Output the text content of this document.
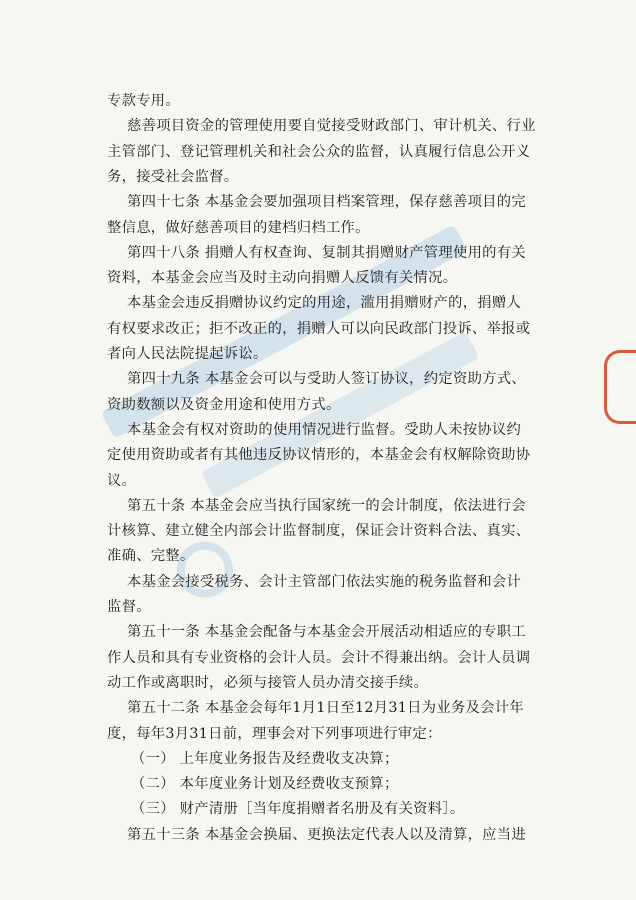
专款专用。
慈善项目资金的管理使用要自觉接受财政部门、审计机关、行业
主管部门、登记管理机关和社会公众的监督，认真履行信息公开义
务，接受社会监督。
第四十七条 本基金会要加强项目档案管理，保存慈善项目的完
整信息，做好慈善项目的建档归档工作。
第四十八条 捐赠人有权查询、复制其捐赠财产管理使用的有关
资料，本基金会应当及时主动向捐赠人反馈有关情况。
本基金会违反捐赠协议约定的用途，滥用捐赠财产的，捐赠人
有权要求改正；拒不改正的，捐赠人可以向民政部门投诉、举报或
者向人民法院提起诉讼。
第四十九条 本基金会可以与受助人签订协议，约定资助方式、
资助数额以及资金用途和使用方式。
本基金会有权对资助的使用情况进行监督。受助人未按协议约
定使用资助或者有其他违反协议情形的，本基金会有权解除资助协
议。
第五十条 本基金会应当执行国家统一的会计制度，依法进行会
计核算、建立健全内部会计监督制度，保证会计资料合法、真实、
准确、完整。
本基金会接受税务、会计主管部门依法实施的税务监督和会计
监督。
第五十一条 本基金会配备与本基金会开展活动相适应的专职工
作人员和具有专业资格的会计人员。会计不得兼出纳。会计人员调
动工作或离职时，必须与接管人员办清交接手续。
第五十二条 本基金会每年1月1日至12月31日为业务及会计年
度，每年3月31日前，理事会对下列事项进行审定：
（一） 上年度业务报告及经费收支决算；
（二） 本年度业务计划及经费收支预算；
（三） 财产清册［当年度捐赠者名册及有关资料］。
第五十三条 本基金会换届、更换法定代表人以及清算，应当进
